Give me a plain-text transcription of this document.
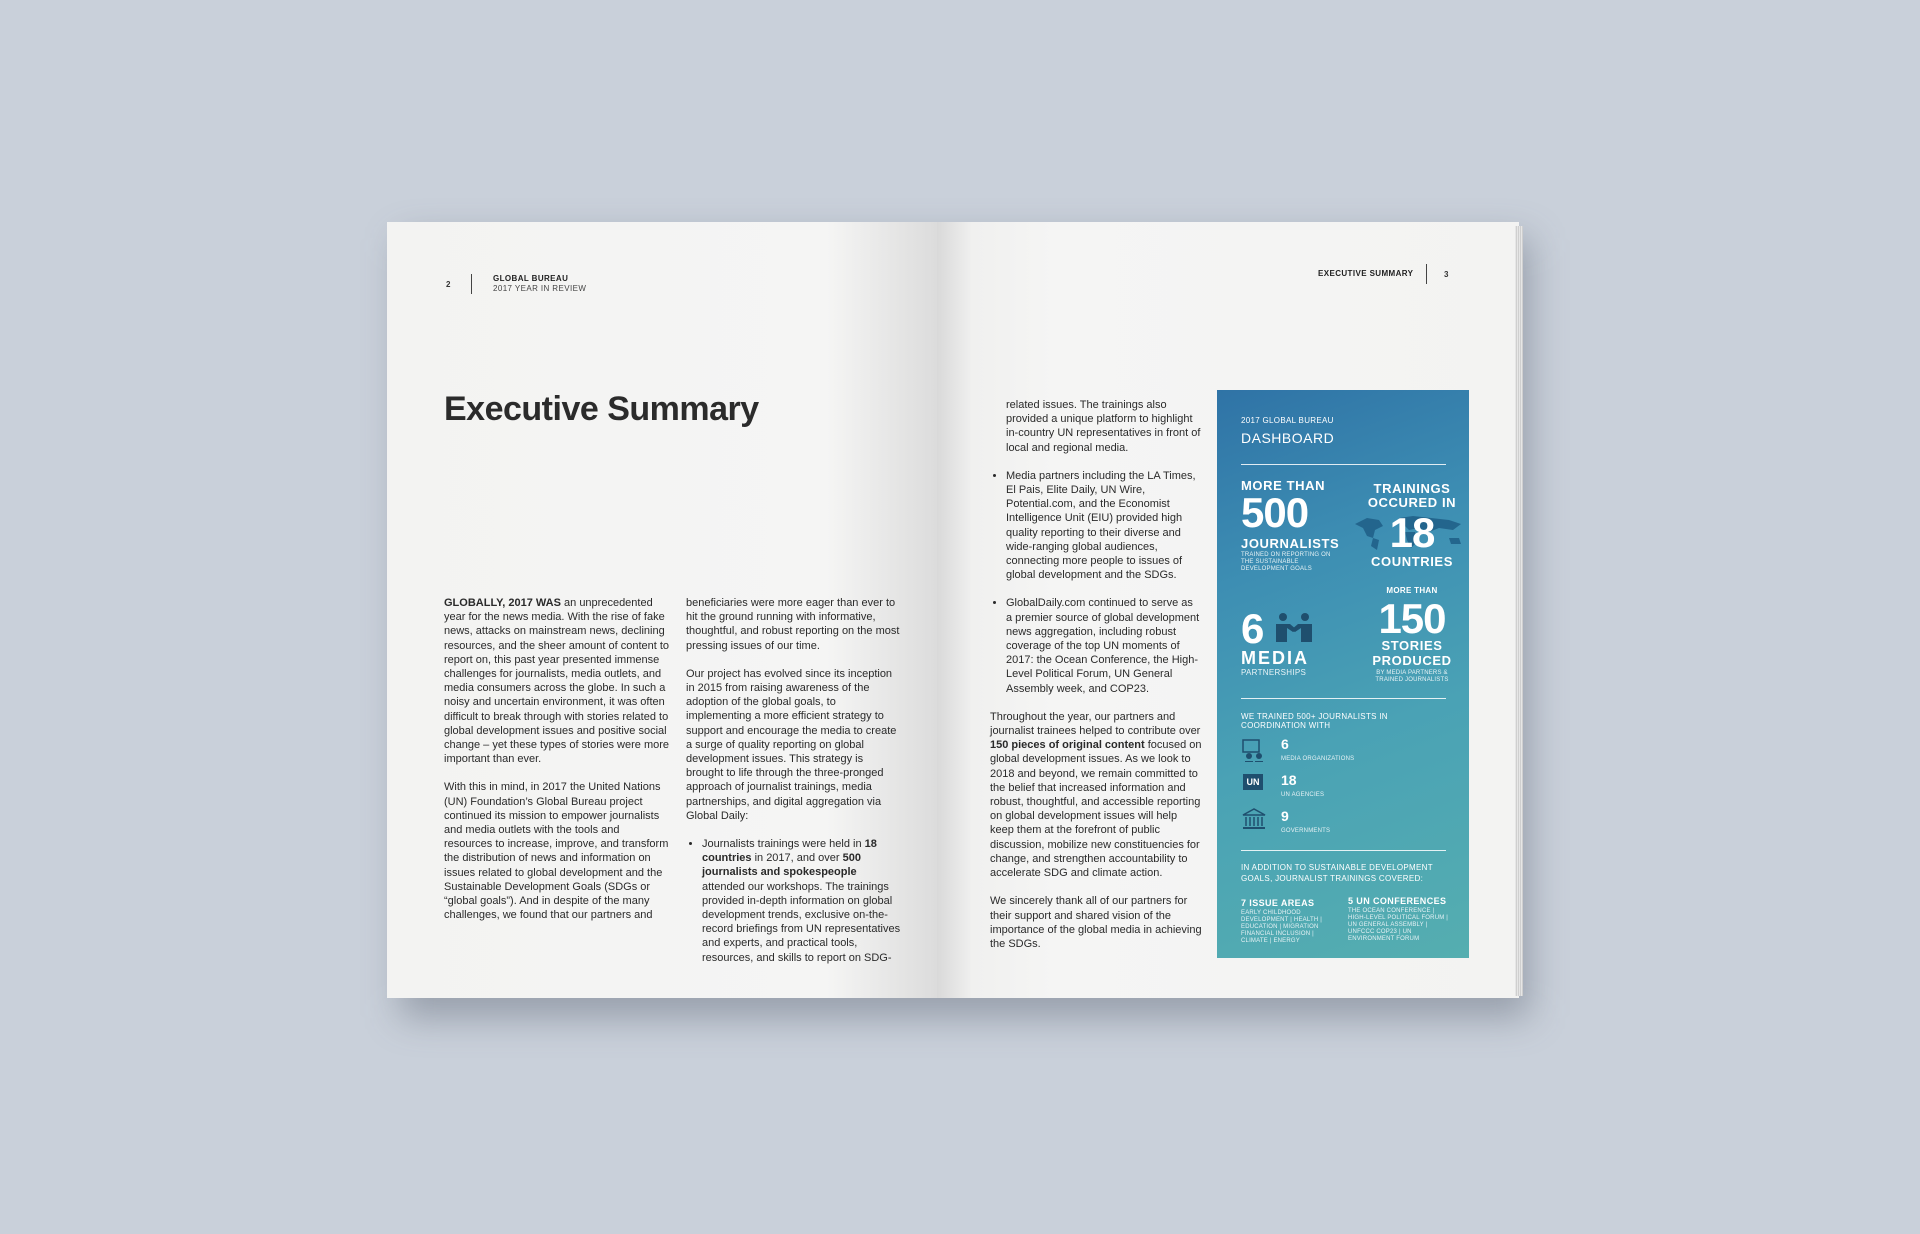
2
GLOBAL BUREAU
2017 YEAR IN REVIEW
Executive Summary

GLOBALLY, 2017 WAS an unprecedented year for the news media. With the rise of fake news, attacks on mainstream news, declining resources, and the sheer amount of content to report on, this past year presented immense challenges for journalists, media outlets, and media consumers across the globe. In such a noisy and uncertain environment, it was often difficult to break through with stories related to global development issues and positive social change – yet these types of stories were more important than ever.

With this in mind, in 2017 the United Nations (UN) Foundation’s Global Bureau project continued its mission to empower journalists and media outlets with the tools and resources to increase, improve, and transform the distribution of news and information on issues related to global development and the Sustainable Development Goals (SDGs or “global goals”). And in despite of the many challenges, we found that our partners and

beneficiaries were more eager than ever to hit the ground running with informative, thoughtful, and robust reporting on the most pressing issues of our time.

Our project has evolved since its inception in 2015 from raising awareness of the adoption of the global goals, to implementing a more efficient strategy to support and encourage the media to create a surge of quality reporting on global development issues. This strategy is brought to life through the three-pronged approach of journalist trainings, media partnerships, and digital aggregation via Global Daily:

• Journalists trainings were held in 18 countries in 2017, and over 500 journalists and spokespeople attended our workshops. The trainings provided in-depth information on global development trends, exclusive on-the-record briefings from UN representatives and experts, and practical tools, resources, and skills to report on SDG-
EXECUTIVE SUMMARY	3

related issues. The trainings also provided a unique platform to highlight in-country UN representatives in front of local and regional media.

• Media partners including the LA Times, El Pais, Elite Daily, UN Wire, Potential.com, and the Economist Intelligence Unit (EIU) provided high quality reporting to their diverse and wide-ranging global audiences, connecting more people to issues of global development and the SDGs.
• GlobalDaily.com continued to serve as a premier source of global development news aggregation, including robust coverage of the top UN moments of 2017: the Ocean Conference, the High-Level Political Forum, UN General Assembly week, and COP23.

Throughout the year, our partners and journalist trainees helped to contribute over 150 pieces of original content focused on global development issues. As we look to 2018 and beyond, we remain committed to the belief that increased information and robust, thoughtful, and accessible reporting on global development issues will help keep them at the forefront of public discussion, mobilize new constituencies for change, and strengthen accountability to accelerate SDG and climate action.

We sincerely thank all of our partners for their support and shared vision of the importance of the global media in achieving the SDGs.

2017 GLOBAL BUREAU
DASHBOARD
MORE THAN
500
JOURNALISTS
TRAINED ON REPORTING ON THE SUSTAINABLE DEVELOPMENT GOALS
TRAININGS OCCURED IN
18
COUNTRIES
6
MEDIA
PARTNERSHIPS
MORE THAN
150
STORIES PRODUCED
BY MEDIA PARTNERS & TRAINED JOURNALISTS
WE TRAINED 500+ JOURNALISTS IN COORDINATION WITH
6
MEDIA ORGANIZATIONS
UN 18
UN AGENCIES
9
GOVERNMENTS
IN ADDITION TO SUSTAINABLE DEVELOPMENT GOALS, JOURNALIST TRAININGS COVERED:
7 ISSUE AREAS
EARLY CHILDHOOD DEVELOPMENT | HEALTH | EDUCATION | MIGRATION FINANCIAL INCLUSION | CLIMATE | ENERGY
5 UN CONFERENCES
THE OCEAN CONFERENCE | HIGH-LEVEL POLITICAL FORUM | UN GENERAL ASSEMBLY | UNFCCC COP23 | UN ENVIRONMENT FORUM
